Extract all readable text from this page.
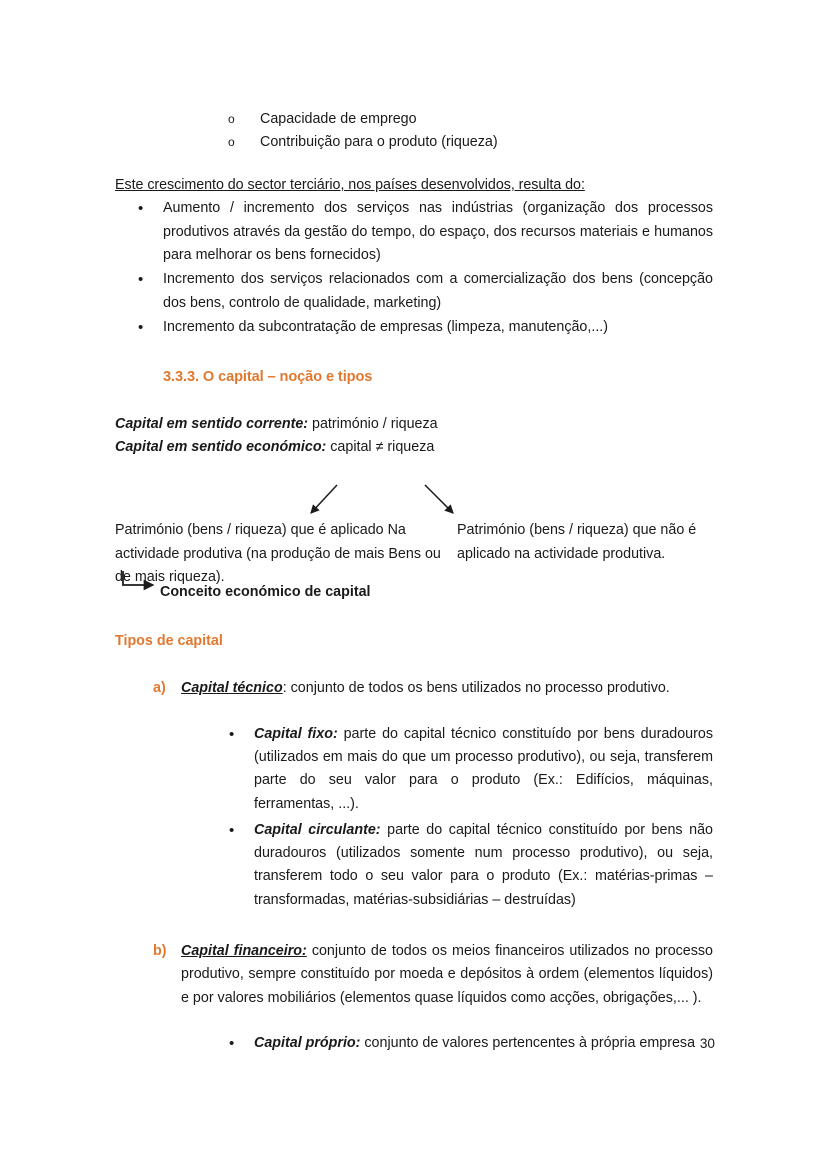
o Capacidade de emprego
o Contribuição para o produto (riqueza)
Este crescimento do sector terciário, nos países desenvolvidos, resulta do:
• Aumento / incremento dos serviços nas indústrias (organização dos processos produtivos através da gestão do tempo, do espaço, dos recursos materiais e humanos para melhorar os bens fornecidos)
• Incremento dos serviços relacionados com a comercialização dos bens (concepção dos bens, controlo de qualidade, marketing)
• Incremento da subcontratação de empresas (limpeza, manutenção,...)
3.3.3. O capital – noção e tipos
Capital em sentido corrente: património / riqueza
Capital em sentido económico: capital ≠ riqueza
Património (bens / riqueza) que é aplicado Na actividade produtiva (na produção de mais Bens ou de mais riqueza).
Património (bens / riqueza) que não é aplicado na actividade produtiva.
Conceito económico de capital
Tipos de capital
a) Capital técnico: conjunto de todos os bens utilizados no processo produtivo.
• Capital fixo: parte do capital técnico constituído por bens duradouros (utilizados em mais do que um processo produtivo), ou seja, transferem parte do seu valor para o produto (Ex.: Edifícios, máquinas, ferramentas, ...).
• Capital circulante: parte do capital técnico constituído por bens não duradouros (utilizados somente num processo produtivo), ou seja, transferem todo o seu valor para o produto (Ex.: matérias-primas – transformadas, matérias-subsidiárias – destruídas)
b) Capital financeiro: conjunto de todos os meios financeiros utilizados no processo produtivo, sempre constituído por moeda e depósitos à ordem (elementos líquidos) e por valores mobiliários (elementos quase líquidos como acções, obrigações,... ).
• Capital próprio: conjunto de valores pertencentes à própria empresa 30
